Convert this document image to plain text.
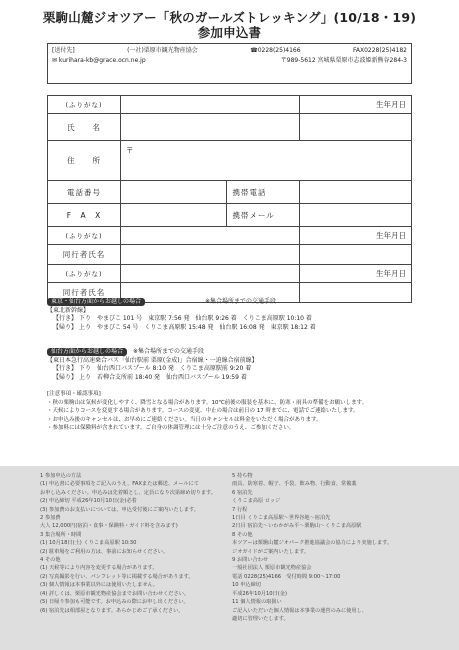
栗駒山麓ジオツアー「秋のガールズトレッキング」(10/18・19)
参加申込書
[送付先]	(一社)栗原市観光物産協会	☎0228(25)4166	FAX0228(25)4182
✉ kurihara-kb@grace.ocn.ne.jp	〒989-5612 宮城県栗原市志波姫新熊谷284-3
(ふりがな)			生年月日
氏　　名			
住　　所	〒		
電話番号		携帯電話	
F　A　X		携帯メール	
(ふりがな)			生年月日
同行者氏名			
(ふりがな)			生年月日
同行者氏名			
東京・仙台方面からお越しの場合　　　　　　　　　　	※集合場所までの交通手段
【東北新幹線】
【行き】 下り　やまびこ 101 号　東京駅 7:56 発　仙台駅 9:26 着　くりこま高原駅 10:10 着
【帰り】 上り　やまびこ 54 号　くりこま高原駅 15:48 発　仙台駅 16:08 発　東京駅 18:12 着
仙台方面からお越しの場合　 ※集合場所までの交通手段
【東日本急行高速乗合バス「仙台駅前 栗原(金成)」合宿線・一迫線合宿前線】
【行き】 下り　仙台西口バスプール 8:10 発　くりこま高原駅前 9:20 着
【帰り】 上り　若柳合支所前 18:40 発　仙台西口バスプール 19:59 着

[注意事項・確認事項]

・秋の栗駒山は気候が変化しやすく、降雪となる場合があります。10℃前後の服装を基本に、防寒・雨具の準備をお願いします。

・天候によりコースを変更する場合があります。コースの変更、中止の場合は前日の 17 時までに、電話でご連絡いたします。

・お申込み後のキャンセルは、お早めにご連絡ください。当日のキャンセルは料金をいただく場合があります。

・参加料には保険料が含まれています。ご自身の体調管理には十分ご注意のうえ、ご参加ください。

1 参加申込の方法

(1) 申込書に必要事項をご記入のうえ、FAXまたは郵送、メールにて

お申し込みください。申込みは先着順とし、定員になり次第締め切ります。

(2) 申込締切 平成26年10月10日(金)必着

(3) 参加費のお支払いについては、申込受付後にご案内いたします。

2 参加費

大人 12,000円(宿泊・食事・保険料・ガイド料を含みます)

3 集合場所・時間

(1) 10月18日(土) くりこま高原駅 10:30

(2) 駐車場をご利用の方は、事前にお知らせください。

4 その他

(1) 天候等により内容を変更する場合があります。

(2) 写真撮影を行い、パンフレット等に掲載する場合があります。

(3) 個人情報は本事業以外には使用いたしません。

(4) 詳しくは、栗原市観光物産協会までお問い合わせください。

(5) 日帰り参加も可能です。お申込みの際にお申し出ください。

(6) 宿泊先は相部屋となります。あらかじめご了承ください。

5 持ち物

雨具、防寒着、帽子、手袋、飲み物、行動食、常備薬

6 宿泊先

くりこま高原 ロッジ

7 行程

1日目 くりこま高原駅〜世界谷地〜宿泊先

2日目 宿泊先〜いわかがみ平〜栗駒山〜くりこま高原駅

8 その他

本ツアーは栗駒山麓ジオパーク推進協議会の協力により実施します。

ジオガイドがご案内いたします。

9 お問い合わせ

一般社団法人 栗原市観光物産協会

電話 0228(25)4166　受付時間 9:00〜17:00

10 申込締切

平成26年10月10日(金)

11 個人情報の取扱い

ご記入いただいた個人情報は本事業の運営のみに使用し、

適切に管理いたします。
